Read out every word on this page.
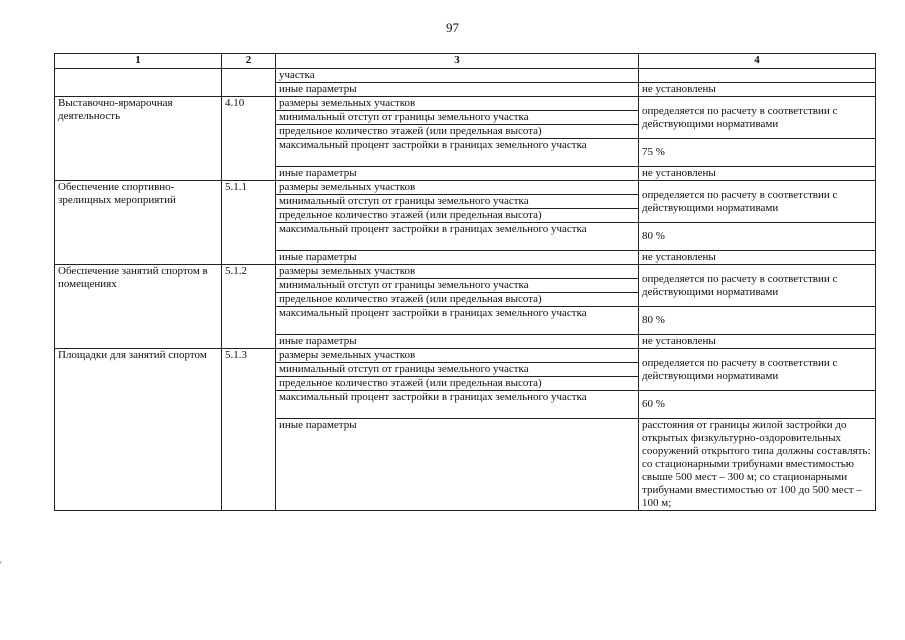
97
1	2	3	4
		участка	
		иные параметры	не установлены
Выставочно-ярмарочная деятельность	4.10	размеры земельных участков	определяется по расчету в соответствии с действующими нормативами
		минимальный отступ от границы земельного участка	
		предельное количество этажей (или предельная высота)	
		максимальный процент застройки в границах земельного участка	75 %
		иные параметры	не установлены
Обеспечение спортивно-зрелищных мероприятий	5.1.1	размеры земельных участков	определяется по расчету в соответствии с действующими нормативами
		минимальный отступ от границы земельного участка	
		предельное количество этажей (или предельная высота)	
		максимальный процент застройки в границах земельного участка	80 %
		иные параметры	не установлены
Обеспечение занятий спортом в помещениях	5.1.2	размеры земельных участков	определяется по расчету в соответствии с действующими нормативами
		минимальный отступ от границы земельного участка	
		предельное количество этажей (или предельная высота)	
		максимальный процент застройки в границах земельного участка	80 %
		иные параметры	не установлены
Площадки для занятий спортом	5.1.3	размеры земельных участков	определяется по расчету в соответствии с действующими нормативами
		минимальный отступ от границы земельного участка	
		предельное количество этажей (или предельная высота)	
		максимальный процент застройки в границах земельного участка	60 %
		иные параметры	расстояния от границы жилой застройки до открытых физкультурно-оздоровительных сооружений открытого типа должны составлять: со стационарными трибунами вместимостью свыше 500 мест – 300 м; со стационарными трибунами вместимостью от 100 до 500 мест – 100 м;
г
